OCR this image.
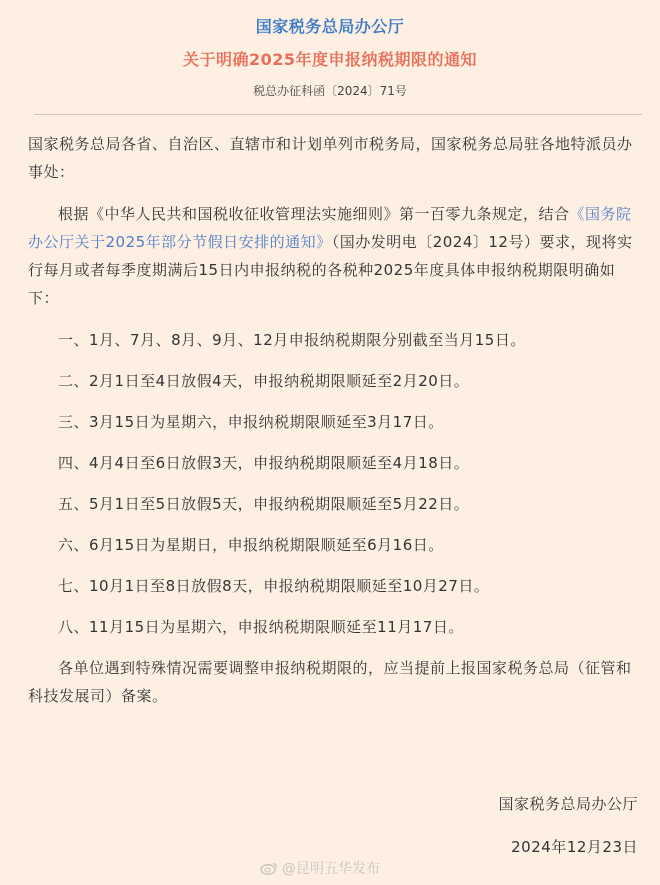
国家税务总局办公厅
关于明确2025年度申报纳税期限的通知
税总办征科函〔2024〕71号

国家税务总局各省、自治区、直辖市和计划单列市税务局，国家税务总局驻各地特派员办事处：

根据《中华人民共和国税收征收管理法实施细则》第一百零九条规定，结合《国务院办公厅关于2025年部分节假日安排的通知》（国办发明电〔2024〕12号）要求，现将实行每月或者每季度期满后15日内申报纳税的各税种2025年度具体申报纳税期限明确如下：

一、1月、7月、8月、9月、12月申报纳税期限分别截至当月15日。

二、2月1日至4日放假4天，申报纳税期限顺延至2月20日。

三、3月15日为星期六，申报纳税期限顺延至3月17日。

四、4月4日至6日放假3天，申报纳税期限顺延至4月18日。

五、5月1日至5日放假5天，申报纳税期限顺延至5月22日。

六、6月15日为星期日，申报纳税期限顺延至6月16日。

七、10月1日至8日放假8天，申报纳税期限顺延至10月27日。

八、11月15日为星期六，申报纳税期限顺延至11月17日。

各单位遇到特殊情况需要调整申报纳税期限的，应当提前上报国家税务总局（征管和科技发展司）备案。

国家税务总局办公厅
2024年12月23日
@昆明五华发布
